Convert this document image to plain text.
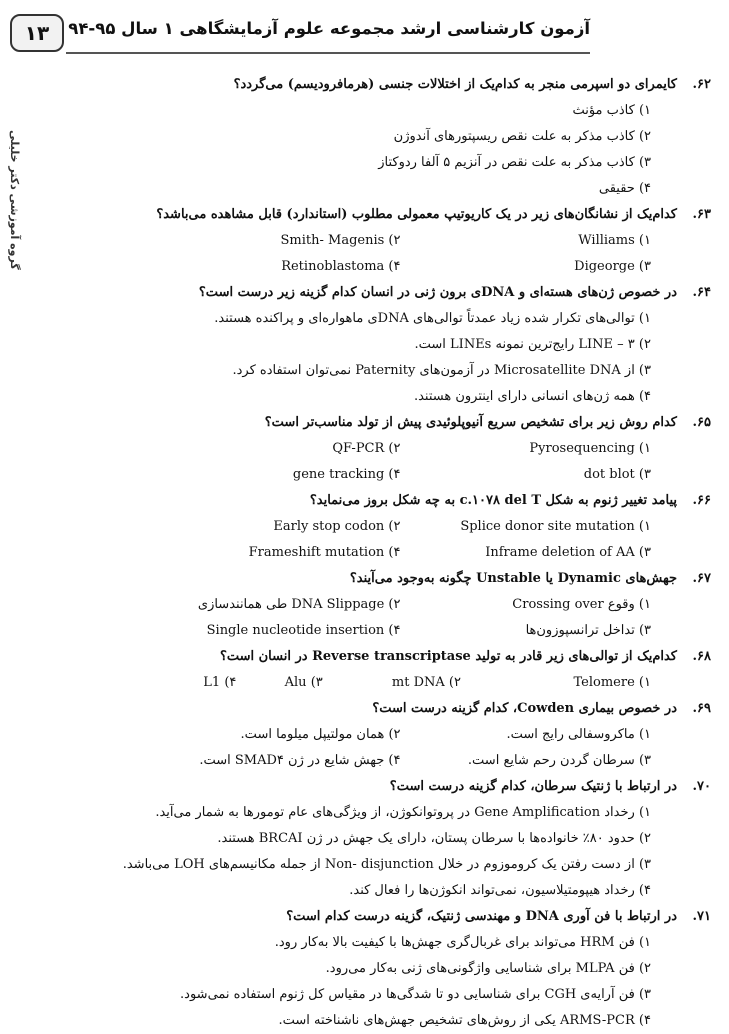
۱۳	آزمون کارشناسی ارشد مجموعه علوم آزمایشگاهی ۱ سال ۹۵-۹۴
گروه آموزشی دکتر خلیلی
۶۲.
کایمرای دو اسپرمی منجر به کدام‌یک از اختلالات جنسی (هرمافرودیسم) می‌گردد؟
۱) کاذب مؤنث
۲) کاذب مذکر به علت نقص ریسپتورهای آندوژن
۳) کاذب مذکر به علت نقص در آنزیم ۵ آلفا ردوکتاز
۴) حقیقی
۶۳.
کدام‌یک از نشانگان‌های زیر در یک کاریوتیپ معمولی مطلوب (استاندارد) قابل مشاهده می‌باشد؟
۱) Williams
۲) Smith- Magenis
۳) Digeorge
۴) Retinoblastoma
۶۴.
در خصوص ژن‌های هسته‌ای و DNAی برون ژنی در انسان کدام گزینه زیر درست است؟
۱) توالی‌های تکرار شده زیاد عمدتاً توالی‌های DNAی ماهواره‌ای و پراکنده هستند.
۲) LINE – ۳ رایج‌ترین نمونه LINEs است.
۳) از Microsatellite DNA در آزمون‌های Paternity نمی‌توان استفاده کرد.
۴) همه ژن‌های انسانی دارای اینترون هستند.
۶۵.
کدام روش زیر برای تشخیص سریع آنیوپلوئیدی پیش از تولد مناسب‌تر است؟
۱) Pyrosequencing
۲) QF-PCR
۳) dot blot
۴) gene tracking
۶۶.
پیامد تغییر ژنوم به شکل c.۱۰۷۸ del T به چه شکل بروز می‌نماید؟
۱) Splice donor site mutation
۲) Early stop codon
۳) Inframe deletion of AA
۴) Frameshift mutation
۶۷.
جهش‌های Dynamic یا Unstable چگونه به‌وجود می‌آیند؟
۱) وقوع Crossing over
۲) DNA Slippage طی همانندسازی
۳) تداخل ترانسپوزون‌ها
۴) Single nucleotide insertion
۶۸.
کدام‌یک از توالی‌های زیر قادر به تولید Reverse transcriptase در انسان است؟
۱) Telomere
۲) mt DNA
۳) Alu
۴) L1
۶۹.
در خصوص بیماری Cowden، کدام گزینه درست است؟
۱) ماکروسفالی رایج است.
۲) همان مولتیپل میلوما است.
۳) سرطان گردن رحم شایع است.
۴) جهش شایع در ژن SMAD۴ است.
۷۰.
در ارتباط با ژنتیک سرطان، کدام گزینه درست است؟
۱) رخداد Gene Amplification در پروتوانکوژن، از ویژگی‌های عام تومورها به شمار می‌آید.
۲) حدود ۸۰٪ خانواده‌ها با سرطان پستان، دارای یک جهش در ژن BRCAI هستند.
۳) از دست رفتن یک کروموزوم در خلال Non- disjunction از جمله مکانیسم‌های LOH می‌باشد.
۴) رخداد هیپومتیلاسیون، نمی‌تواند انکوژن‌ها را فعال کند.
۷۱.
در ارتباط با فن آوری DNA و مهندسی ژنتیک، گزینه درست کدام است؟
۱) فن HRM می‌تواند برای غربال‌گری جهش‌ها با کیفیت بالا به‌کار رود.
۲) فن MLPA برای شناسایی واژگونی‌های ژنی به‌کار می‌رود.
۳) فن آرایه‌ی CGH برای شناسایی دو تا شدگی‌ها در مقیاس کل ژنوم استفاده نمی‌شود.
۴) ARMS-PCR یکی از روش‌های تشخیص جهش‌های ناشناخته است.
